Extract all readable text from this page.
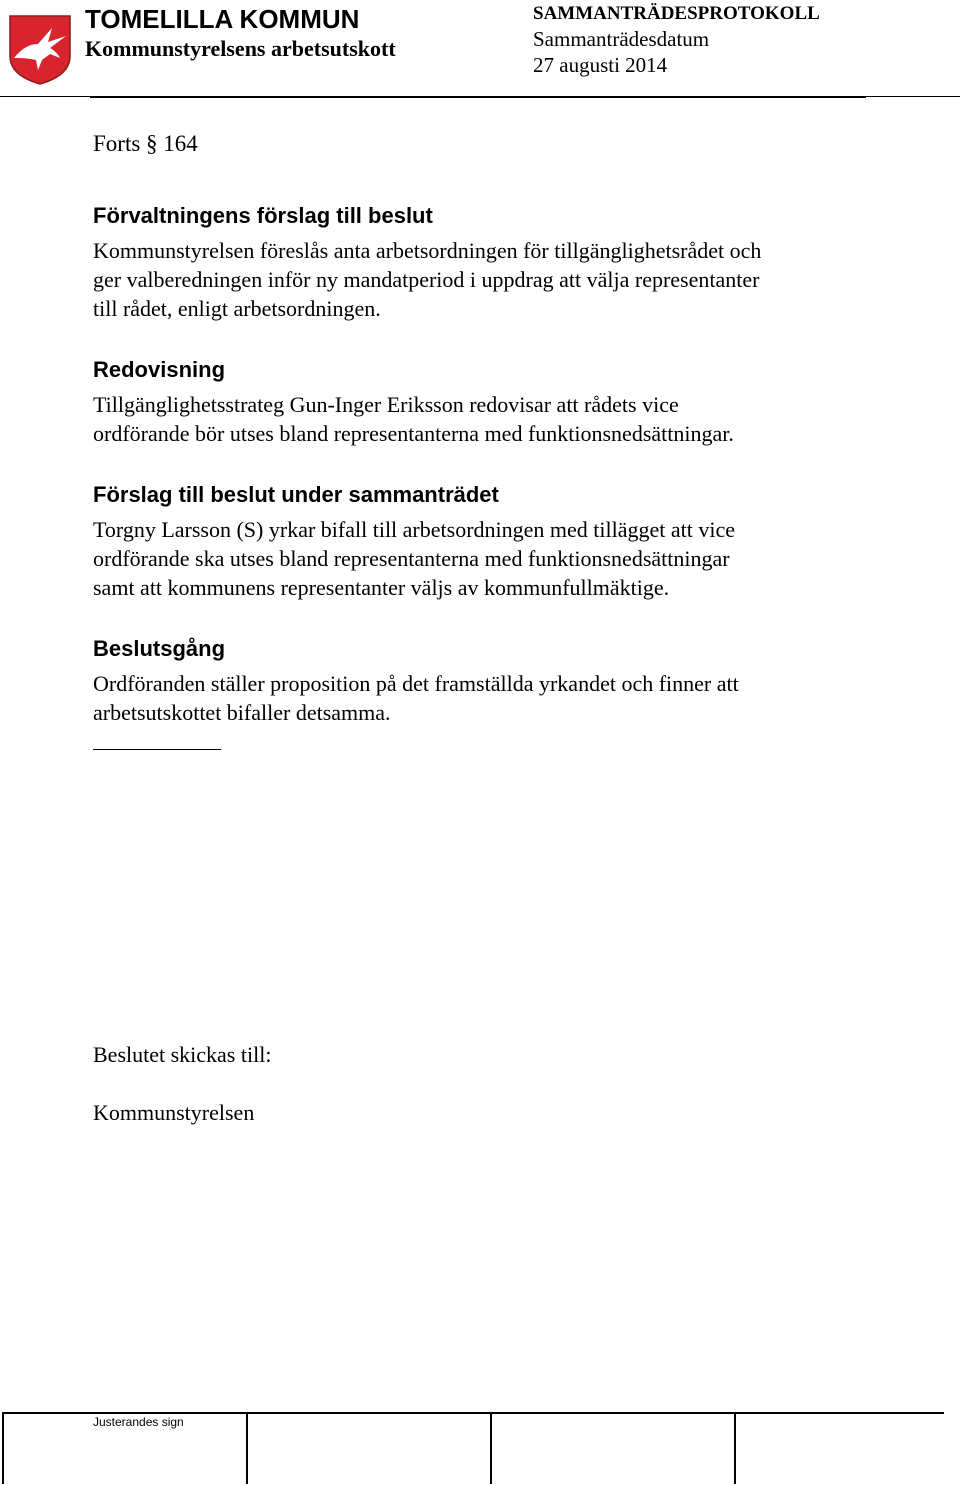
TOMELILLA KOMMUN
Kommunstyrelsens arbetsutskott
SAMMANTRÄDESPROTOKOLL
Sammanträdesdatum
27 augusti 2014
Forts § 164
Förvaltningens förslag till beslut
Kommunstyrelsen föreslås anta arbetsordningen för tillgänglighetsrådet och
ger valberedningen inför ny mandatperiod i uppdrag att välja representanter
till rådet, enligt arbetsordningen.
Redovisning
Tillgänglighetsstrateg Gun-Inger Eriksson redovisar att rådets vice
ordförande bör utses bland representanterna med funktionsnedsättningar.
Förslag till beslut under sammanträdet
Torgny Larsson (S) yrkar bifall till arbetsordningen med tillägget att vice
ordförande ska utses bland representanterna med funktionsnedsättningar
samt att kommunens representanter väljs av kommunfullmäktige.
Beslutsgång
Ordföranden ställer proposition på det framställda yrkandet och finner att
arbetsutskottet bifaller detsamma.
Beslutet skickas till:
Kommunstyrelsen
Justerandes sign
